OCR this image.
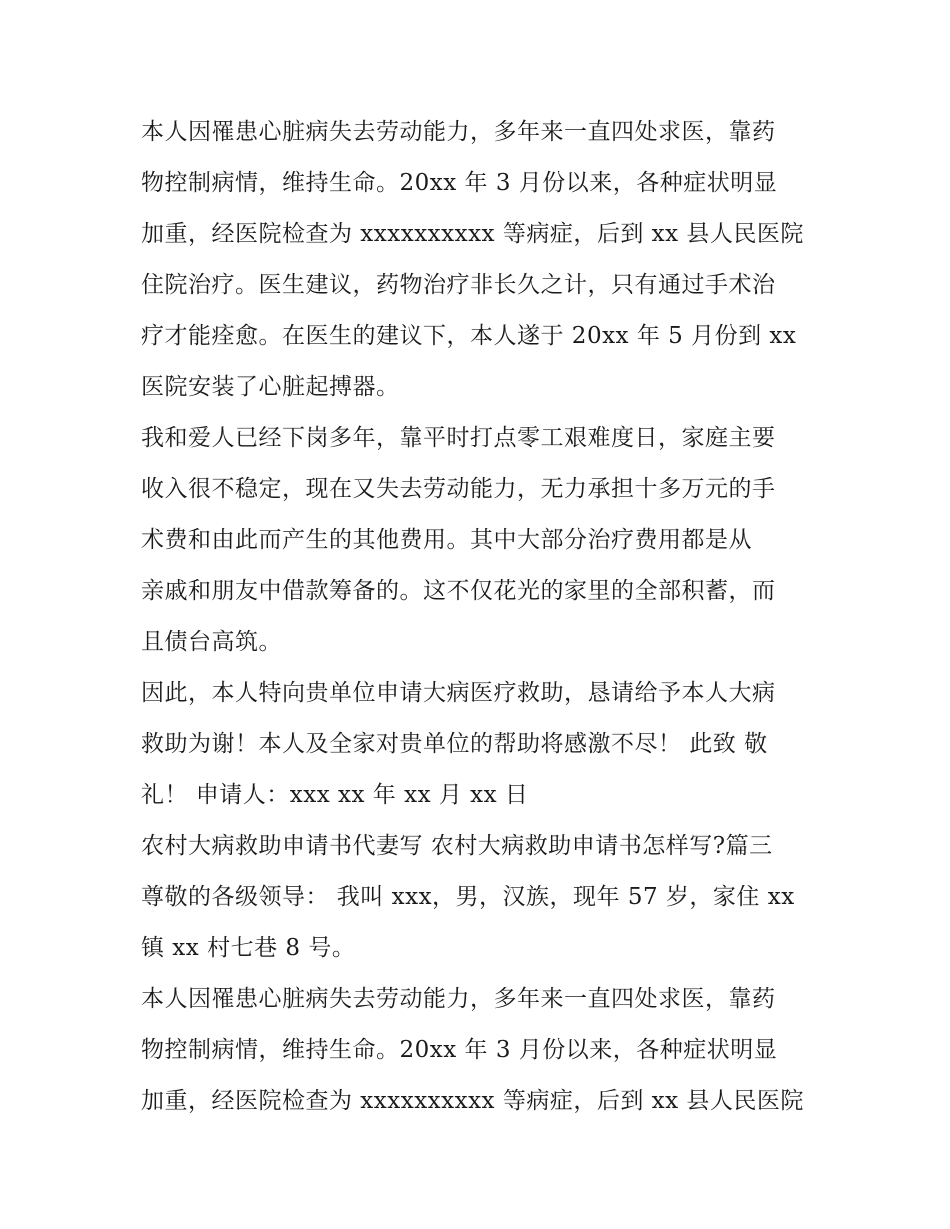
本人因罹患心脏病失去劳动能力，多年来一直四处求医，靠药
物控制病情，维持生命。20xx 年 3 月份以来，各种症状明显
加重，经医院检查为 xxxxxxxxxx 等病症，后到 xx 县人民医院
住院治疗。医生建议，药物治疗非长久之计，只有通过手术治
疗才能痊愈。在医生的建议下，本人遂于 20xx 年 5 月份到 xx
医院安装了心脏起搏器。
我和爱人已经下岗多年，靠平时打点零工艰难度日，家庭主要
收入很不稳定，现在又失去劳动能力，无力承担十多万元的手
术费和由此而产生的其他费用。其中大部分治疗费用都是从
亲戚和朋友中借款筹备的。这不仅花光的家里的全部积蓄，而
且债台高筑。
因此，本人特向贵单位申请大病医疗救助，恳请给予本人大病
救助为谢！本人及全家对贵单位的帮助将感激不尽！ 此致 敬
礼！ 申请人：xxx xx 年 xx 月 xx 日
农村大病救助申请书代妻写 农村大病救助申请书怎样写?篇三
尊敬的各级领导： 我叫 xxx，男，汉族，现年 57 岁，家住 xx
镇 xx 村七巷 8 号。
本人因罹患心脏病失去劳动能力，多年来一直四处求医，靠药
物控制病情，维持生命。20xx 年 3 月份以来，各种症状明显
加重，经医院检查为 xxxxxxxxxx 等病症，后到 xx 县人民医院
